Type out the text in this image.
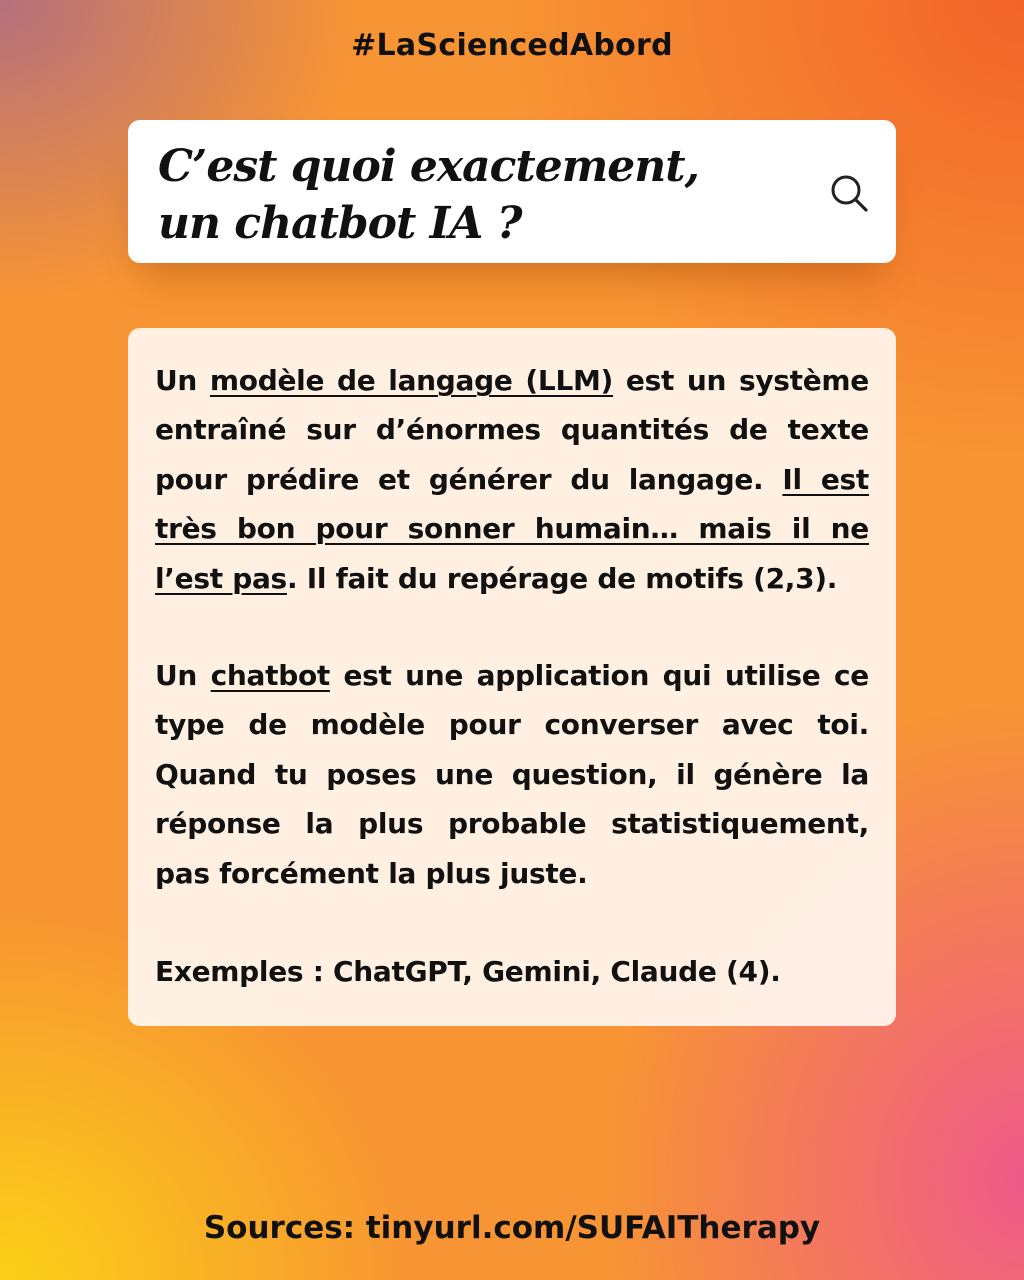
#LaSciencedAbord
C’est quoi exactement,
un chatbot IA ?

Un modèle de langage (LLM) est un système entraîné sur d’énormes quantités de texte pour prédire et générer du langage. Il est très bon pour sonner humain… mais il ne l’est pas. Il fait du repérage de motifs (2,3).

Un chatbot est une application qui utilise ce type de modèle pour converser avec toi. Quand tu poses une question, il génère la réponse la plus probable statistiquement, pas forcément la plus juste.

Exemples : ChatGPT, Gemini, Claude (4).

Sources: tinyurl.com/SUFAITherapy
